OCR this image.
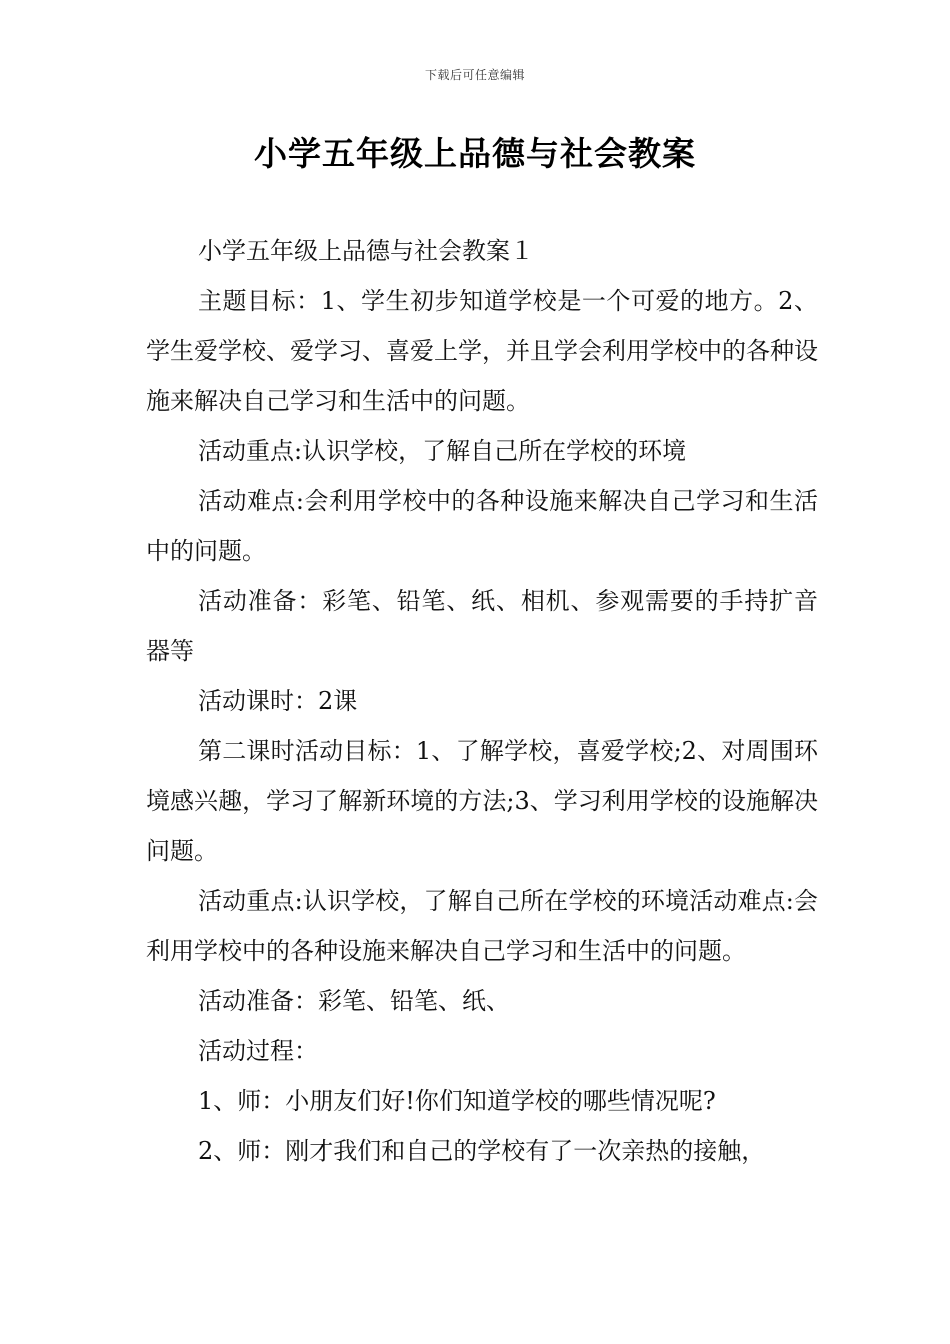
下载后可任意编辑
小学五年级上品德与社会教案

小学五年级上品德与社会教案１

主题目标：1、学生初步知道学校是一个可爱的地方。2、学生爱学校、爱学习、喜爱上学，并且学会利用学校中的各种设施来解决自己学习和生活中的问题。

活动重点:认识学校，了解自己所在学校的环境

活动难点:会利用学校中的各种设施来解决自己学习和生活中的问题。

活动准备：彩笔、铅笔、纸、相机、参观需要的手持扩音器等

活动课时：2课

第二课时活动目标：1、了解学校，喜爱学校;2、对周围环境感兴趣，学习了解新环境的方法;3、学习利用学校的设施解决问题。

活动重点:认识学校，了解自己所在学校的环境活动难点:会利用学校中的各种设施来解决自己学习和生活中的问题。

活动准备：彩笔、铅笔、纸、

活动过程：

1、师：小朋友们好!你们知道学校的哪些情况呢?

2、师：刚才我们和自己的学校有了一次亲热的接触，
